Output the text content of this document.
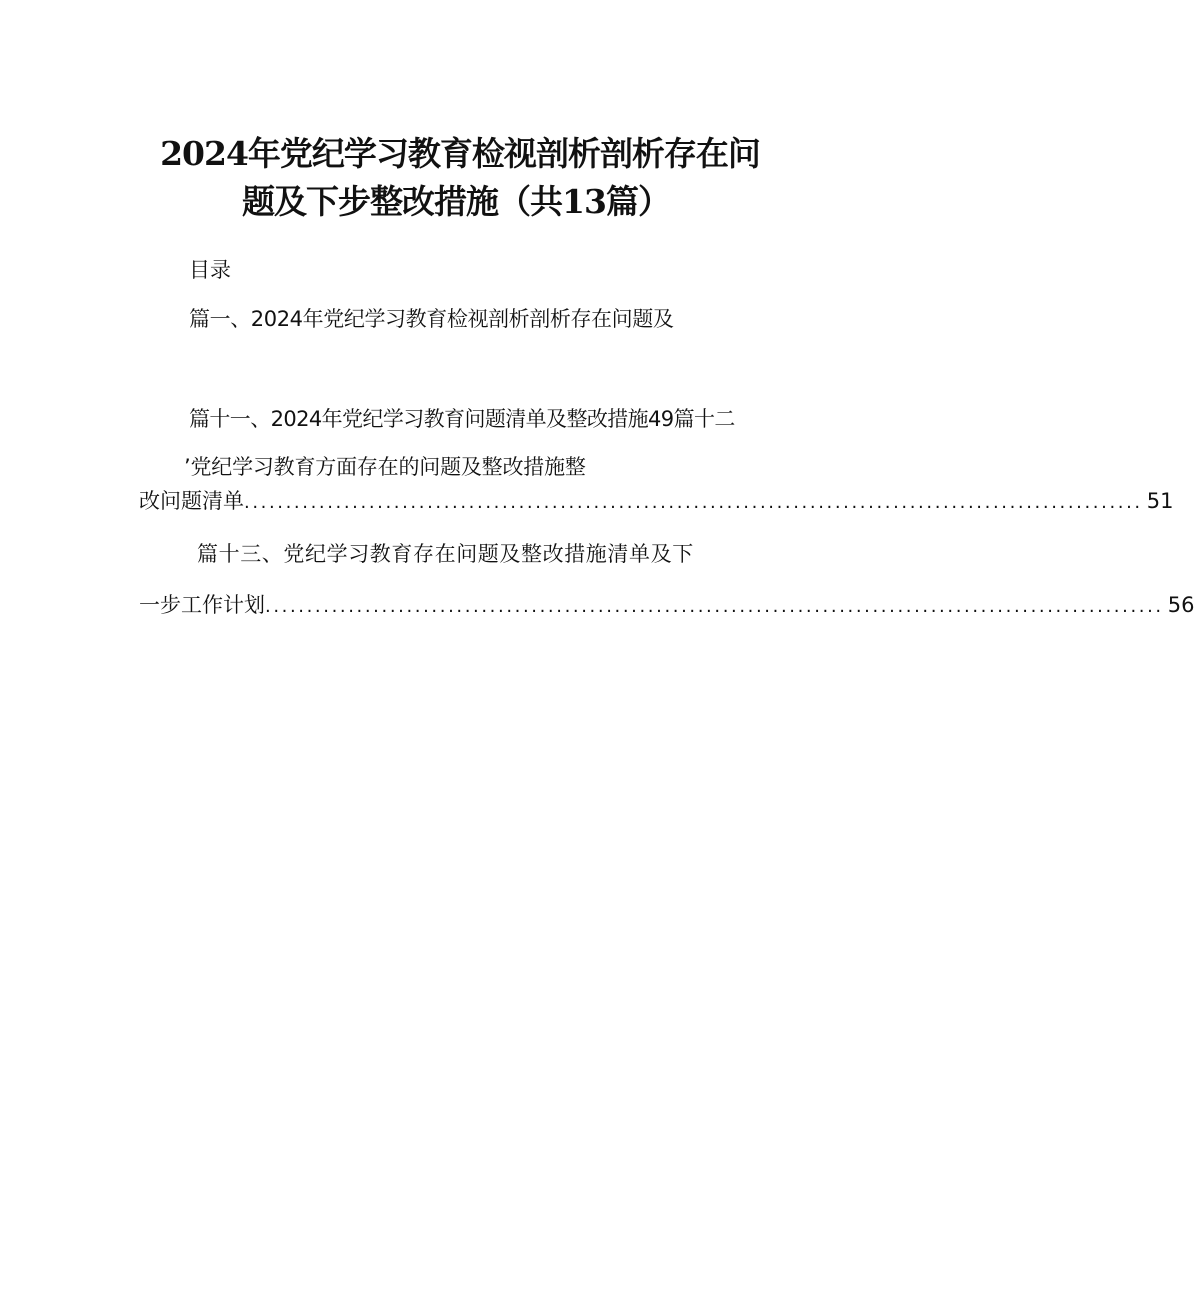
2024年党纪学习教育检视剖析剖析存在问
题及下步整改措施（共13篇）
目录
篇一、2024年党纪学习教育检视剖析剖析存在问题及
篇十一、2024年党纪学习教育问题清单及整改措施49篇十二
’党纪学习教育方面存在的问题及整改措施整
改问题清单 ............................................................................................................ 51
篇十三、党纪学习教育存在问题及整改措施清单及下
一步工作计划 ............................................................................................................ 56
